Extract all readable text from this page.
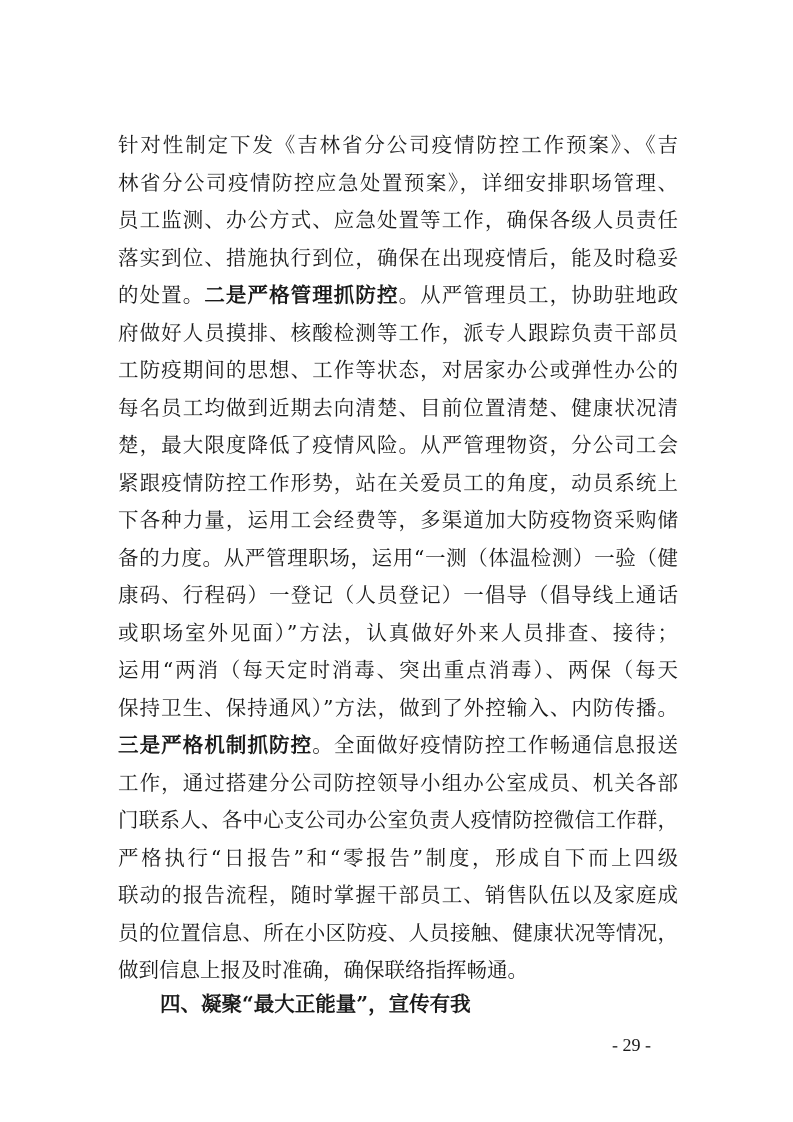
针对性制定下发《吉林省分公司疫情防控工作预案》、《吉
林省分公司疫情防控应急处置预案》，详细安排职场管理、
员工监测、办公方式、应急处置等工作，确保各级人员责任
落实到位、措施执行到位，确保在出现疫情后，能及时稳妥
的处置。二是严格管理抓防控。从严管理员工，协助驻地政
府做好人员摸排、核酸检测等工作，派专人跟踪负责干部员
工防疫期间的思想、工作等状态，对居家办公或弹性办公的
每名员工均做到近期去向清楚、目前位置清楚、健康状况清
楚，最大限度降低了疫情风险。从严管理物资，分公司工会
紧跟疫情防控工作形势，站在关爱员工的角度，动员系统上
下各种力量，运用工会经费等，多渠道加大防疫物资采购储
备的力度。从严管理职场，运用“一测（体温检测）一验（健
康码、行程码）一登记（人员登记）一倡导（倡导线上通话
或职场室外见面）”方法，认真做好外来人员排查、接待；
运用“两消（每天定时消毒、突出重点消毒）、两保（每天
保持卫生、保持通风）”方法，做到了外控输入、内防传播。
三是严格机制抓防控。全面做好疫情防控工作畅通信息报送
工作，通过搭建分公司防控领导小组办公室成员、机关各部
门联系人、各中心支公司办公室负责人疫情防控微信工作群，
严格执行“日报告”和“零报告”制度，形成自下而上四级
联动的报告流程，随时掌握干部员工、销售队伍以及家庭成
员的位置信息、所在小区防疫、人员接触、健康状况等情况，
做到信息上报及时准确，确保联络指挥畅通。
四、凝聚“最大正能量”，宣传有我
- 29 -
